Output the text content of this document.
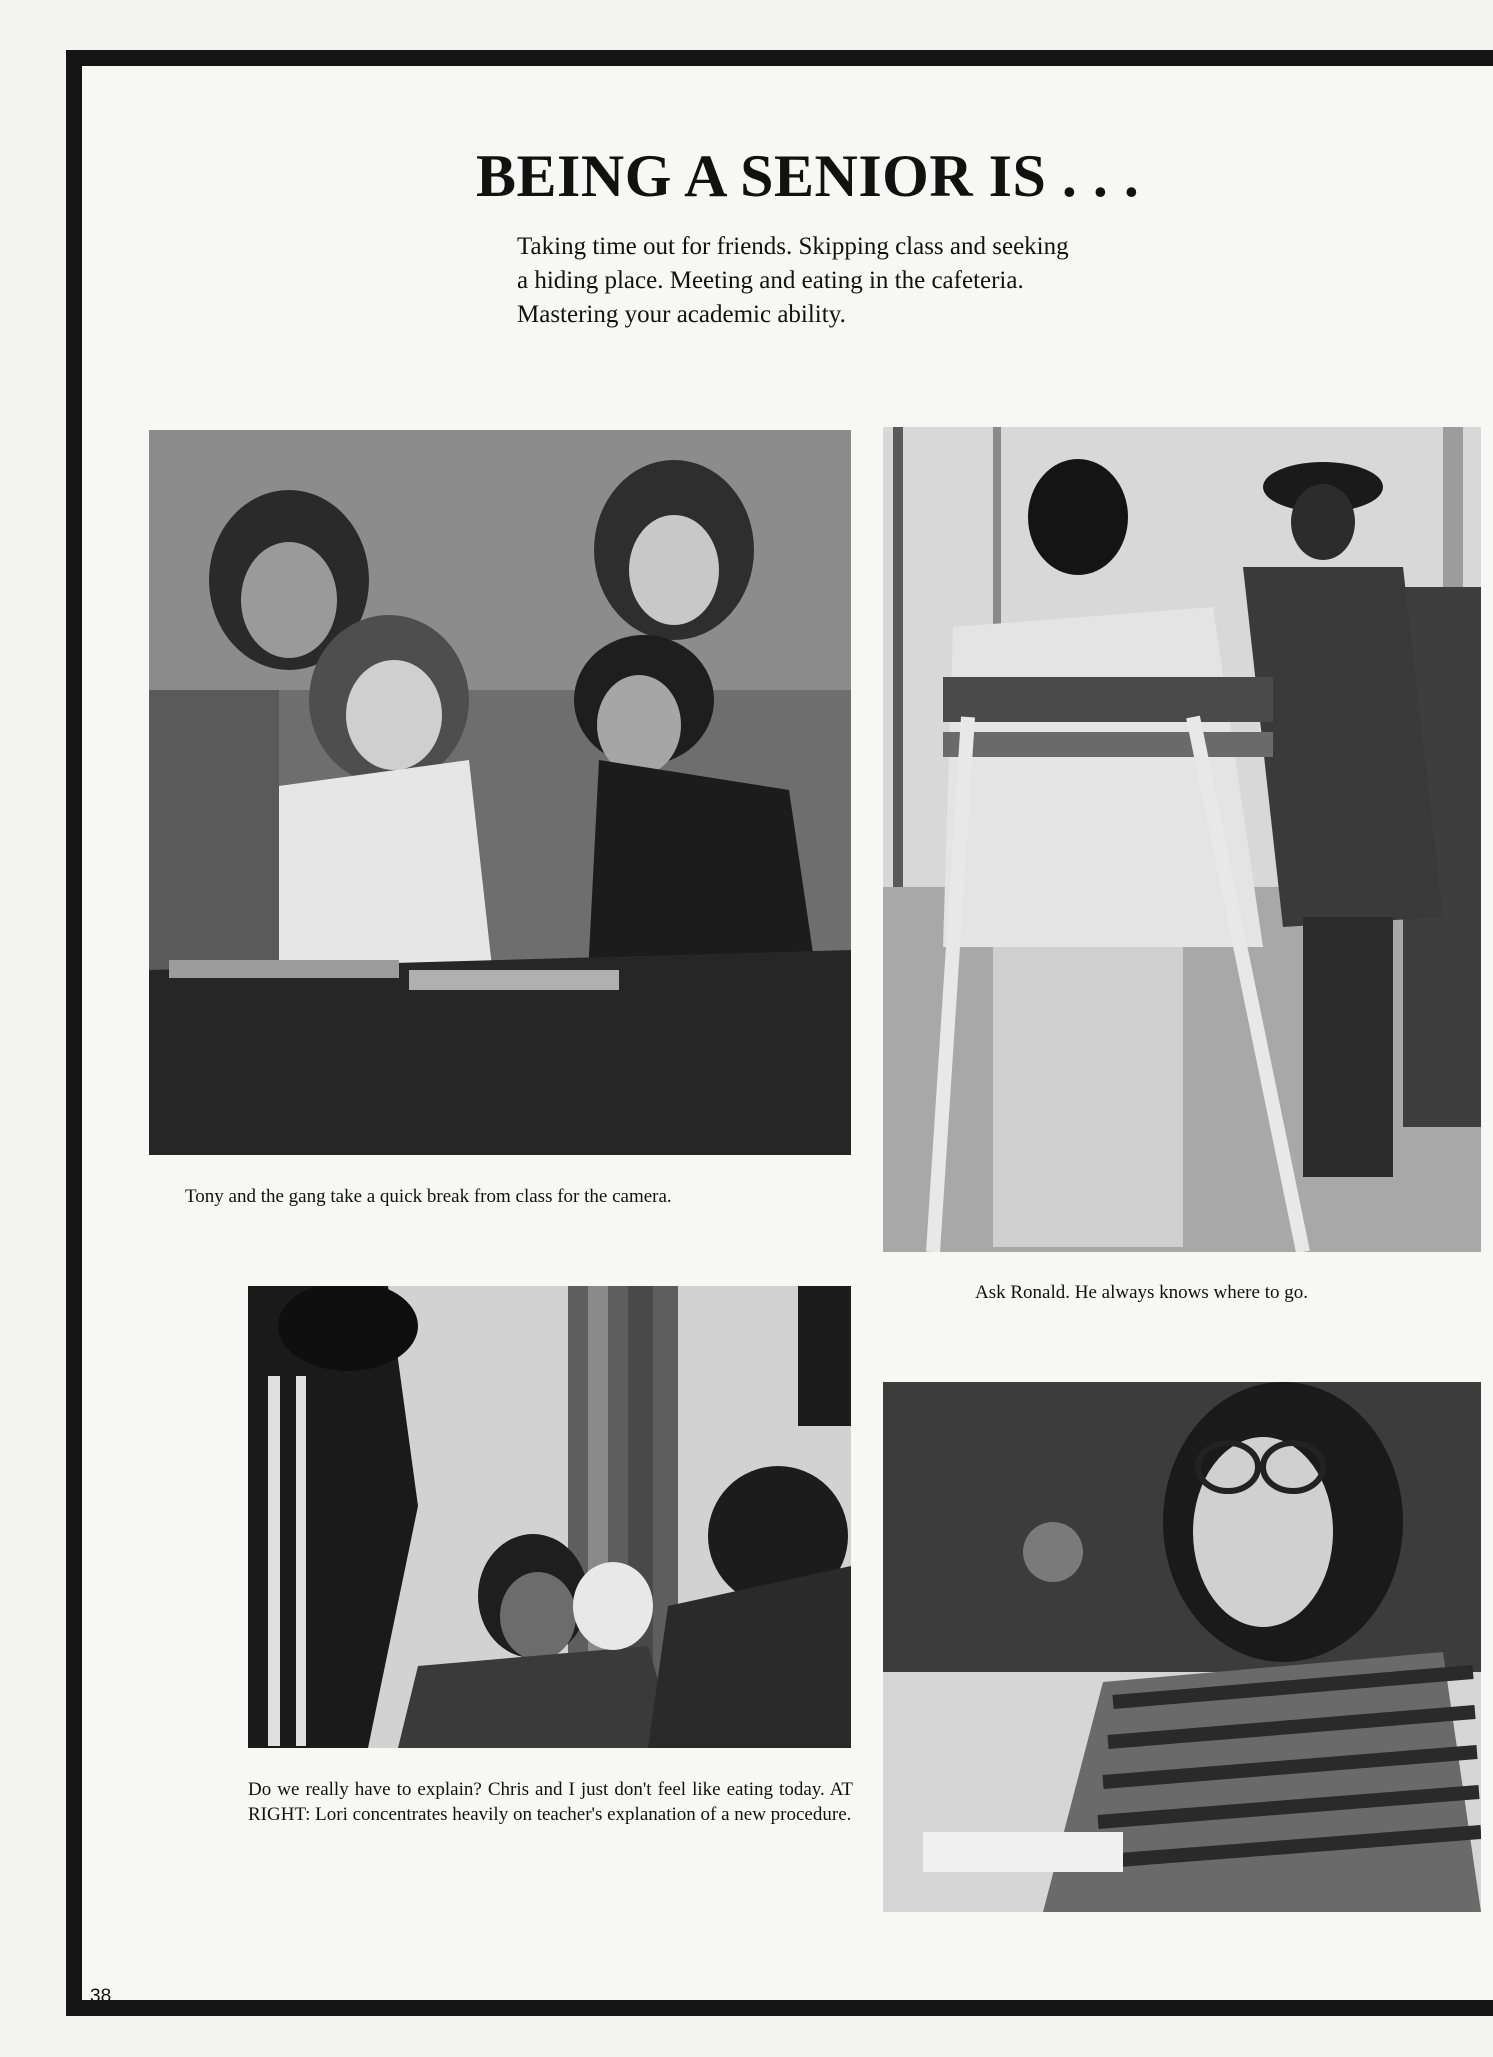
BEING A SENIOR IS . . .

Taking time out for friends. Skipping class and seeking a hiding place. Meeting and eating in the cafeteria. Mastering your academic ability.

Tony and the gang take a quick break from class for the camera.

Ask Ronald. He always knows where to go.

Do we really have to explain? Chris and I just don't feel like eating today. AT RIGHT: Lori concentrates heavily on teacher's explanation of a new procedure.

38
